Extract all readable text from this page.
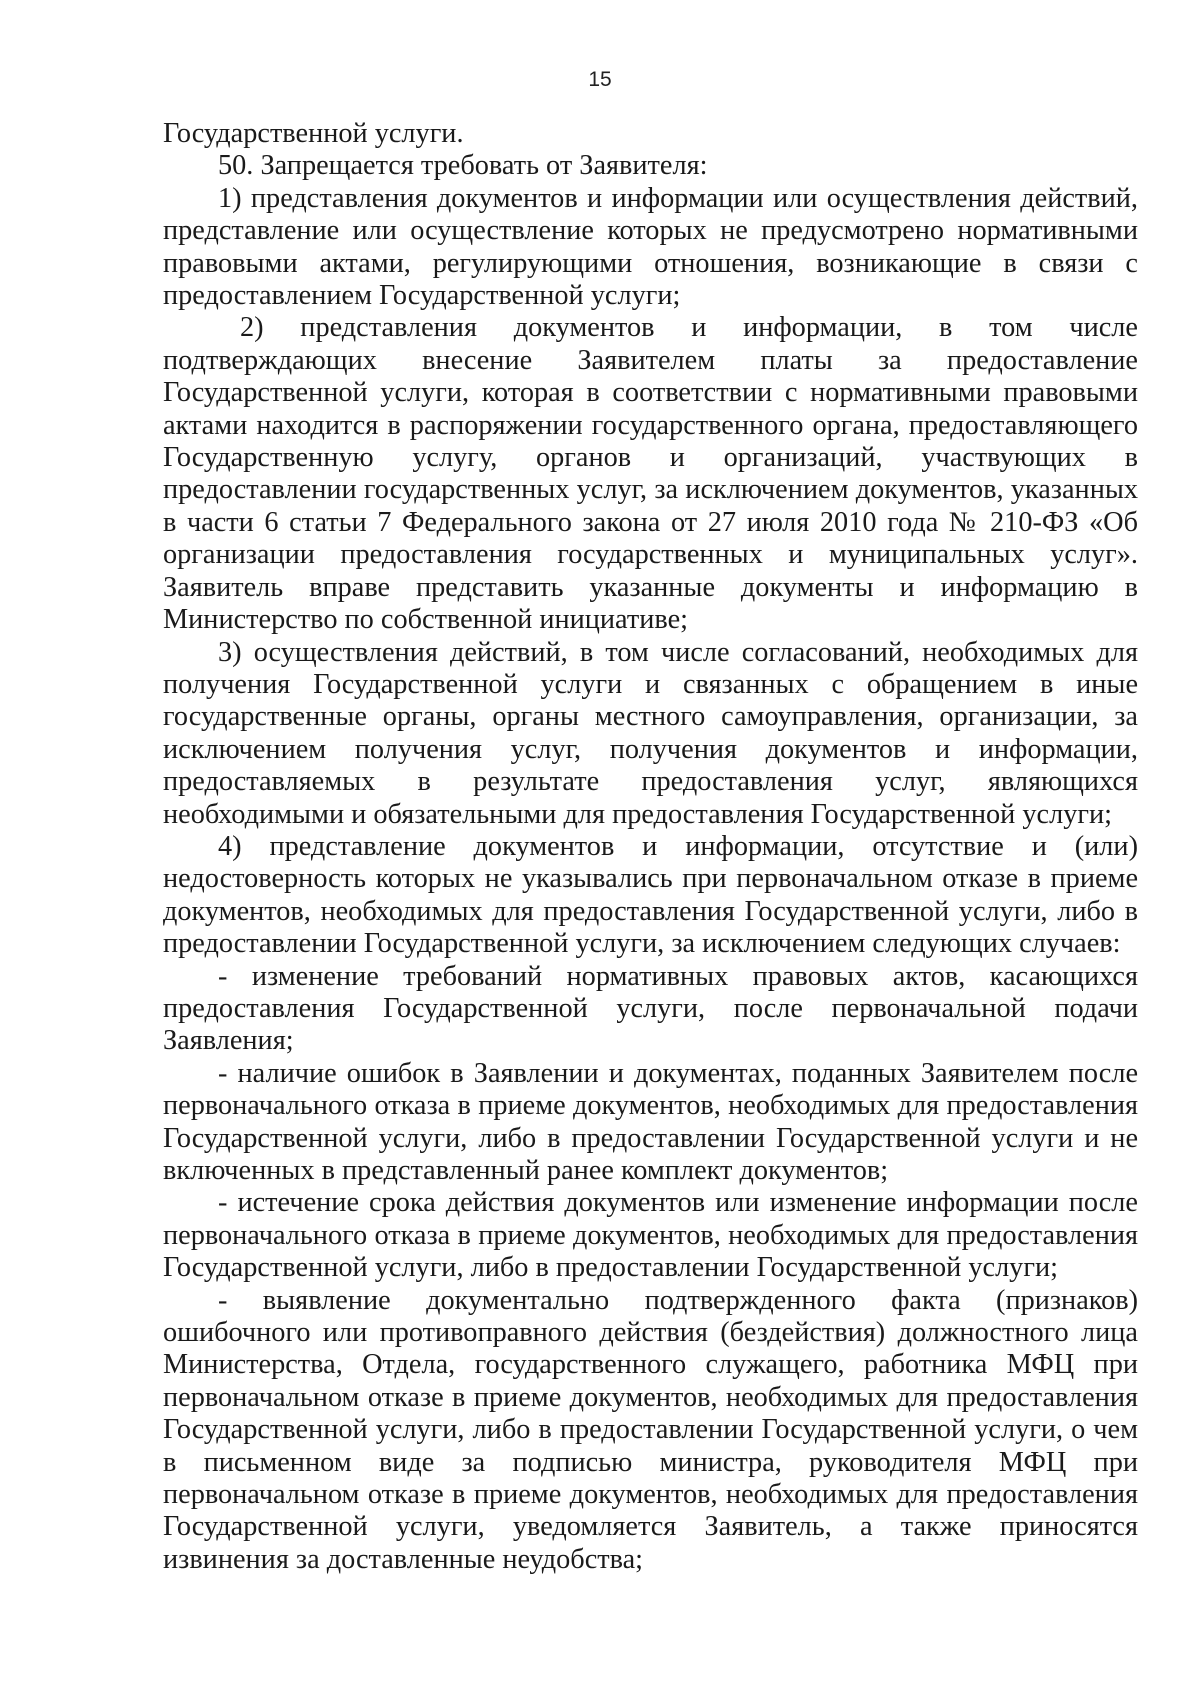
15

Государственной услуги.

50. Запрещается требовать от Заявителя:

1) представления документов и информации или осуществления действий, представление или осуществление которых не предусмотрено нормативными правовыми актами, регулирующими отношения, возникающие в связи с предоставлением Государственной услуги;

2) представления документов и информации, в том числе подтверждающих внесение Заявителем платы за предоставление Государственной услуги, которая в соответствии с нормативными правовыми актами находится в распоряжении государственного органа, предоставляющего Государственную услугу, органов и организаций, участвующих в предоставлении государственных услуг, за исключением документов, указанных в части 6 статьи 7 Федерального закона от 27 июля 2010 года № 210-ФЗ «Об организации предоставления государственных и муниципальных услуг». Заявитель вправе представить указанные документы и информацию в Министерство по собственной инициативе;

3) осуществления действий, в том числе согласований, необходимых для получения Государственной услуги и связанных с обращением в иные государственные органы, органы местного самоуправления, организации, за исключением получения услуг, получения документов и информации, предоставляемых в результате предоставления услуг, являющихся необходимыми и обязательными для предоставления Государственной услуги;

4) представление документов и информации, отсутствие и (или) недостоверность которых не указывались при первоначальном отказе в приеме документов, необходимых для предоставления Государственной услуги, либо в предоставлении Государственной услуги, за исключением следующих случаев:

- изменение требований нормативных правовых актов, касающихся предоставления Государственной услуги, после первоначальной подачи Заявления;

- наличие ошибок в Заявлении и документах, поданных Заявителем после первоначального отказа в приеме документов, необходимых для предоставления Государственной услуги, либо в предоставлении Государственной услуги и не включенных в представленный ранее комплект документов;

- истечение срока действия документов или изменение информации после первоначального отказа в приеме документов, необходимых для предоставления Государственной услуги, либо в предоставлении Государственной услуги;

- выявление документально подтвержденного факта (признаков) ошибочного или противоправного действия (бездействия) должностного лица Министерства, Отдела, государственного служащего, работника МФЦ при первоначальном отказе в приеме документов, необходимых для предоставления Государственной услуги, либо в предоставлении Государственной услуги, о чем в письменном виде за подписью министра, руководителя МФЦ при первоначальном отказе в приеме документов, необходимых для предоставления Государственной услуги, уведомляется Заявитель, а также приносятся извинения за доставленные неудобства;
